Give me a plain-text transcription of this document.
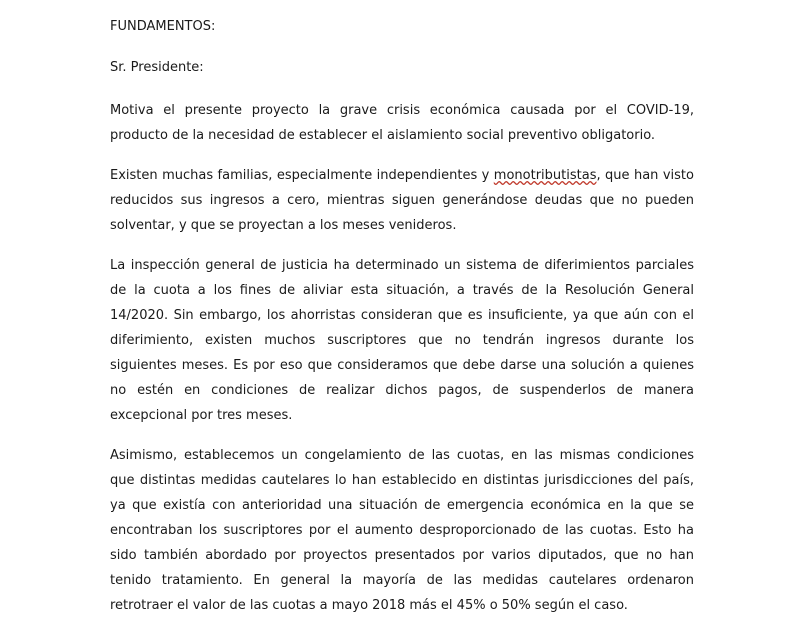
FUNDAMENTOS:

Sr. Presidente:

Motiva el presente proyecto la grave crisis económica causada por el COVID-19, producto de la necesidad de establecer el aislamiento social preventivo obligatorio.

Existen muchas familias, especialmente independientes y monotributistas, que han visto reducidos sus ingresos a cero, mientras siguen generándose deudas que no pueden solventar, y que se proyectan a los meses venideros.

La inspección general de justicia ha determinado un sistema de diferimientos parciales de la cuota a los fines de aliviar esta situación, a través de la Resolución General 14/2020. Sin embargo, los ahorristas consideran que es insuficiente, ya que aún con el diferimiento, existen muchos suscriptores que no tendrán ingresos durante los siguientes meses. Es por eso que consideramos que debe darse una solución a quienes no estén en condiciones de realizar dichos pagos, de suspenderlos de manera excepcional por tres meses.

Asimismo, establecemos un congelamiento de las cuotas, en las mismas condiciones que distintas medidas cautelares lo han establecido en distintas jurisdicciones del país, ya que existía con anterioridad una situación de emergencia económica en la que se encontraban los suscriptores por el aumento desproporcionado de las cuotas. Esto ha sido también abordado por proyectos presentados por varios diputados, que no han tenido tratamiento. En general la mayoría de las medidas cautelares ordenaron retrotraer el valor de las cuotas a mayo 2018 más el 45% o 50% según el caso.
